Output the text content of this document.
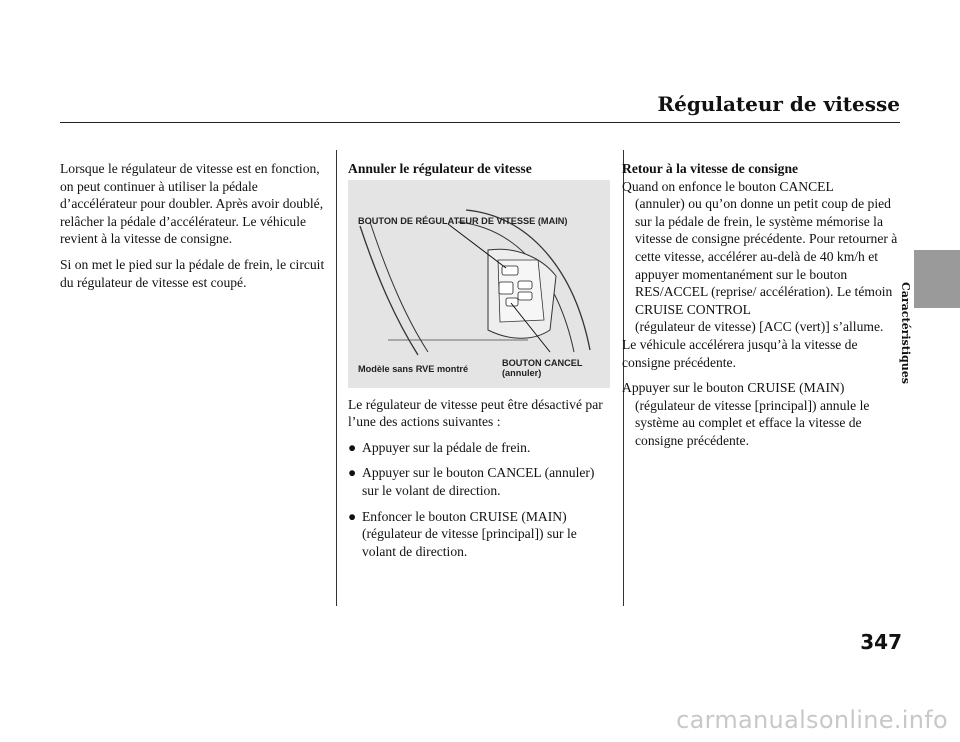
Régulateur de vitesse

Lorsque le régulateur de vitesse est en fonction, on peut continuer à utiliser la pédale d’accélérateur pour doubler. Après avoir doublé, relâcher la pédale d’accélérateur. Le véhicule revient à la vitesse de consigne.

Si on met le pied sur la pédale de frein, le circuit du régulateur de vitesse est coupé.

Annuler le régulateur de vitesse
BOUTON DE RÉGULATEUR DE VITESSE (MAIN)
Modèle sans RVE montré
BOUTON CANCEL
(annuler)

Le régulateur de vitesse peut être désactivé par l’une des actions suivantes :

● Appuyer sur la pédale de frein.
● Appuyer sur le bouton CANCEL (annuler) sur le volant de direction.
● Enfoncer le bouton CRUISE (MAIN) (régulateur de vitesse [principal]) sur le volant de direction.
Retour à la vitesse de consigne

Quand on enfonce le bouton CANCEL

(annuler) ou qu’on donne un petit coup de pied sur la pédale de frein, le système mémorise la vitesse de consigne précédente. Pour retourner à cette vitesse, accélérer au-delà de 40 km/h et appuyer momentanément sur le bouton RES/ACCEL (reprise/ accélération). Le témoin CRUISE CONTROL
(régulateur de vitesse) [ACC (vert)] s’allume.
Le véhicule accélérera jusqu’à la vitesse de consigne précédente.

Appuyer sur le bouton CRUISE (MAIN)

(régulateur de vitesse [principal]) annule le système au complet et efface la vitesse de consigne précédente.

Caractéristiques
347
carmanualsonline.info
